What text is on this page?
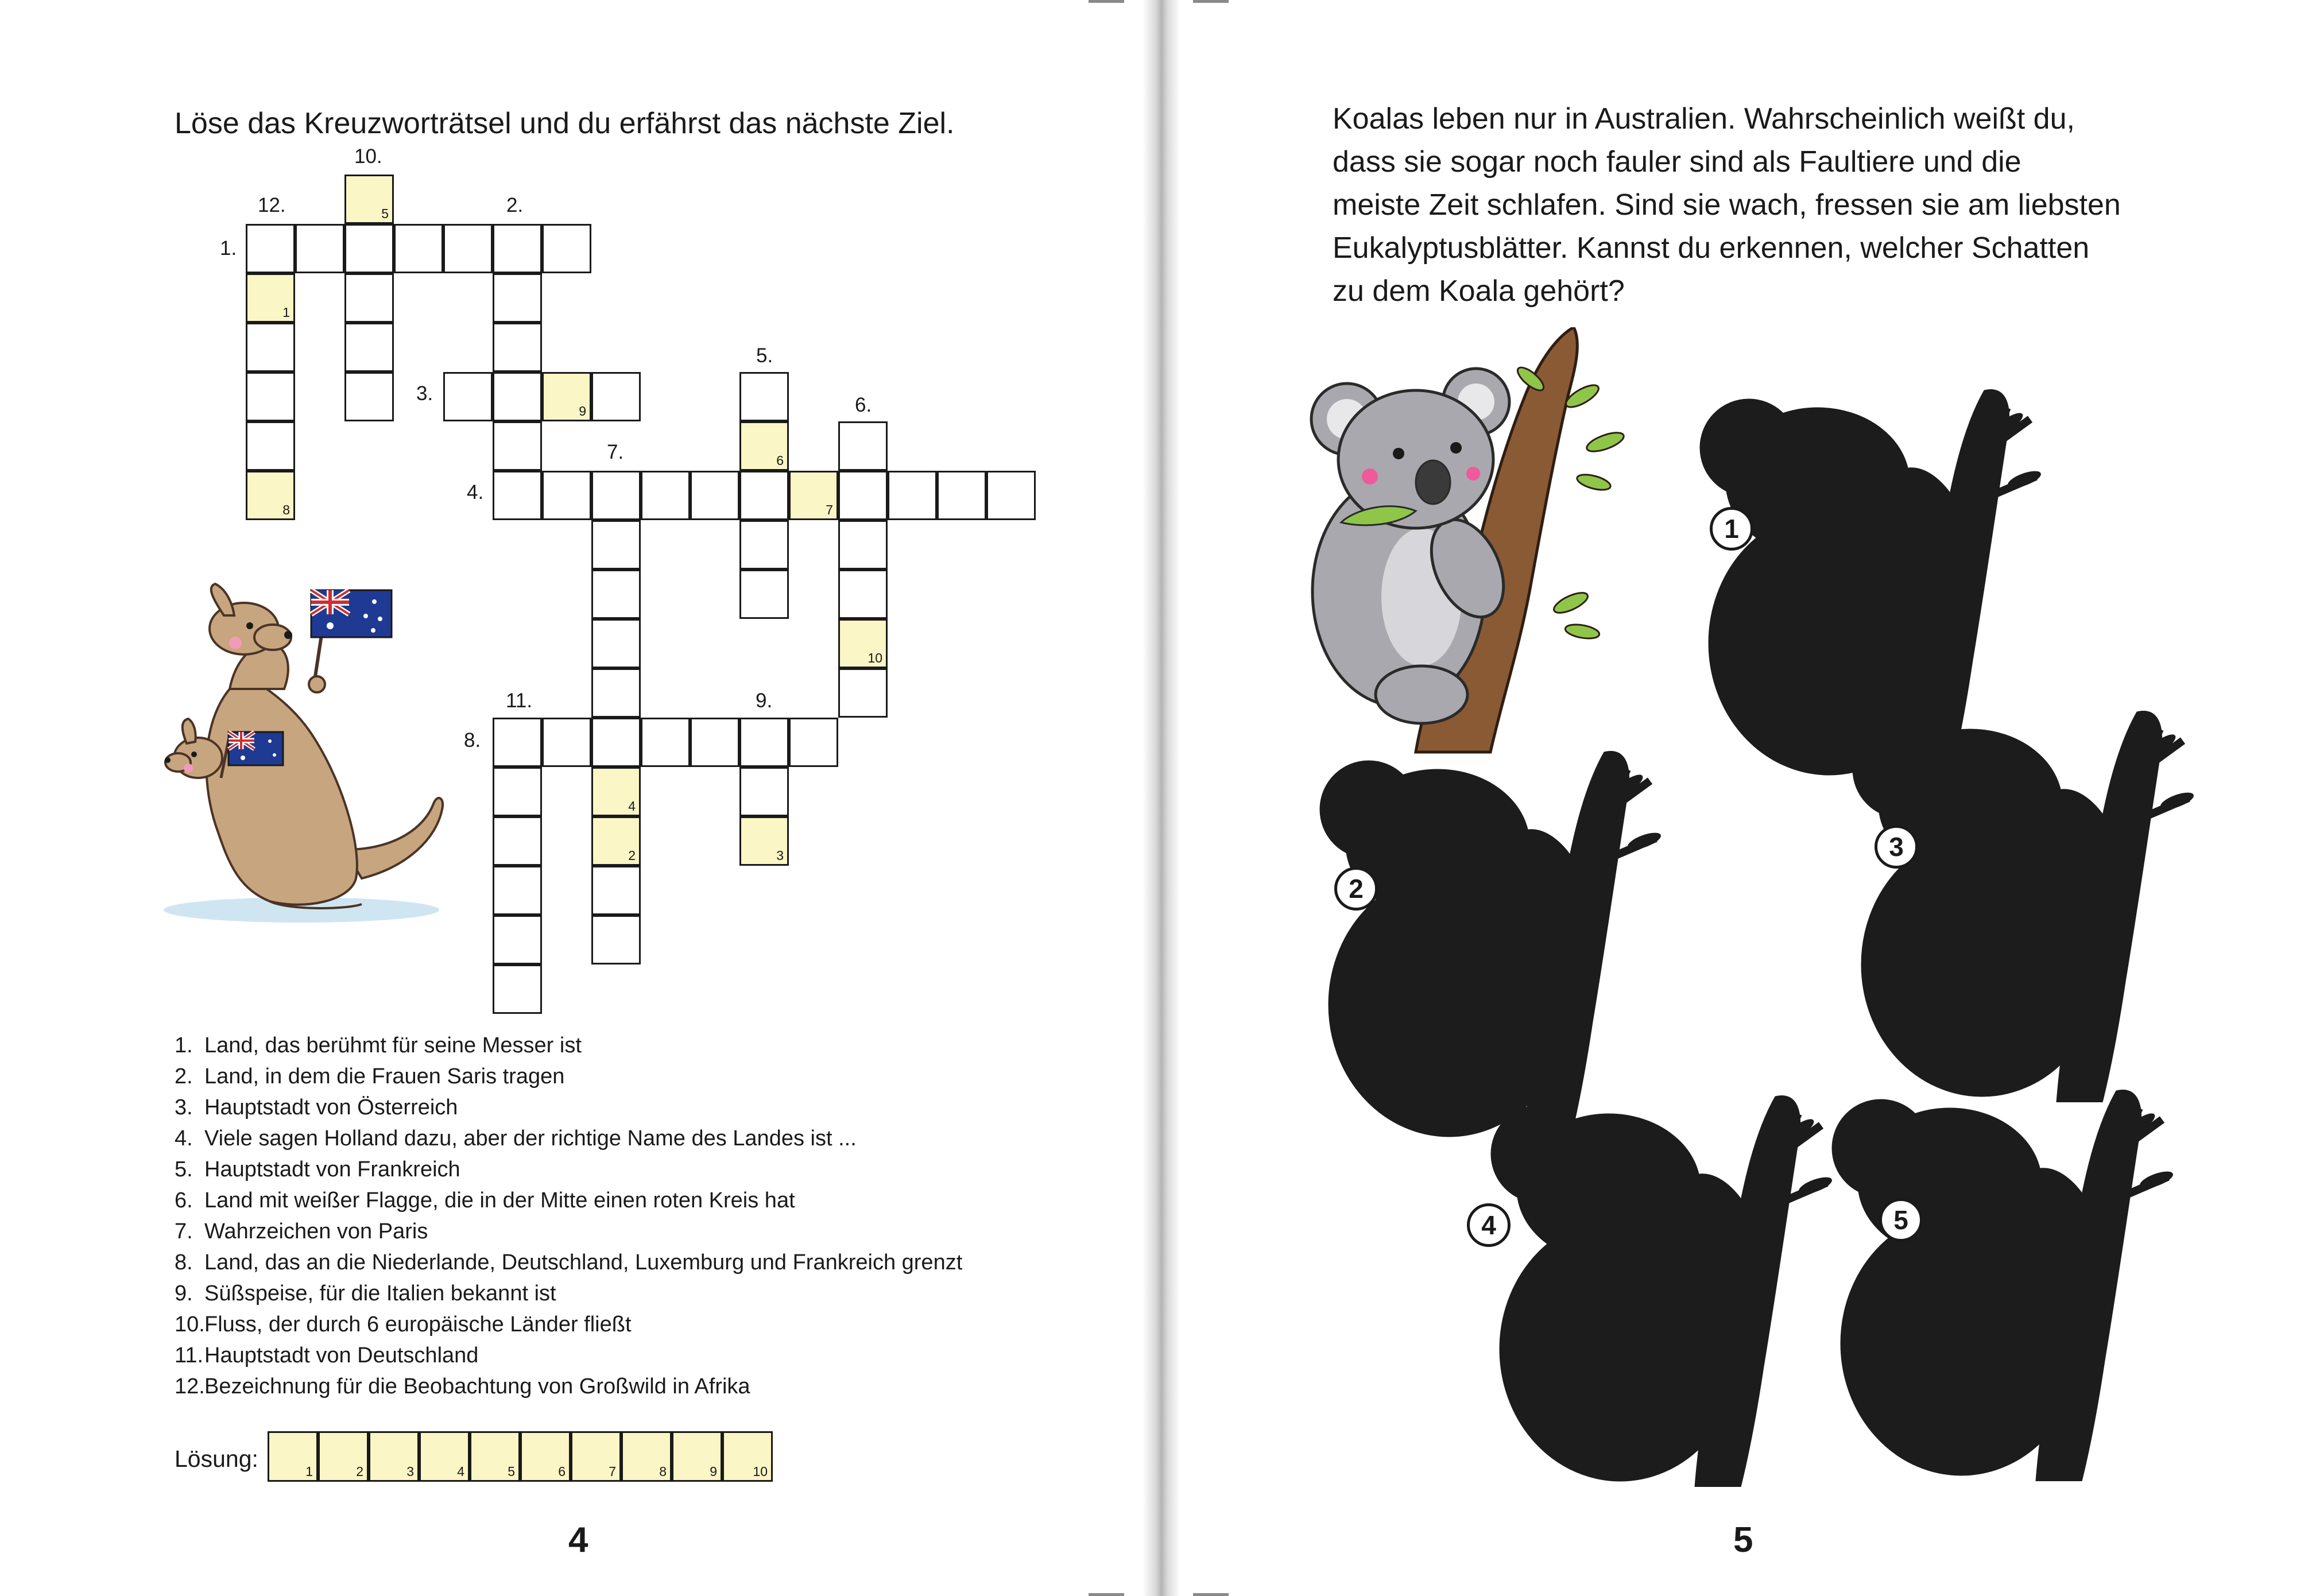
Löse das Kreuzworträtsel und du erfährst das nächste Ziel.
1
8
5
9
7
4
2
6
10
3
1.
2.
3.
4.
5.
6.
7.
8.
9.
10.
11.
12.
1. Land, das berühmt für seine Messer ist
2. Land, in dem die Frauen Saris tragen
3. Hauptstadt von Österreich
4. Viele sagen Holland dazu, aber der richtige Name des Landes ist ...
5. Hauptstadt von Frankreich
6. Land mit weißer Flagge, die in der Mitte einen roten Kreis hat
7. Wahrzeichen von Paris
8. Land, das an die Niederlande, Deutschland, Luxemburg und Frankreich grenzt
9. Süßspeise, für die Italien bekannt ist
10.Fluss, der durch 6 europäische Länder fließt
11.Hauptstadt von Deutschland
12.Bezeichnung für die Beobachtung von Großwild in Afrika
Lösung:	1	2	3	4	5	6	7	8	9	10
4
Koalas leben nur in Australien. Wahrscheinlich weißt du,
dass sie sogar noch fauler sind als Faultiere und die
meiste Zeit schlafen. Sind sie wach, fressen sie am liebsten
Eukalyptusblätter. Kannst du erkennen, welcher Schatten
zu dem Koala gehört?
1
2
3
4	5
5
